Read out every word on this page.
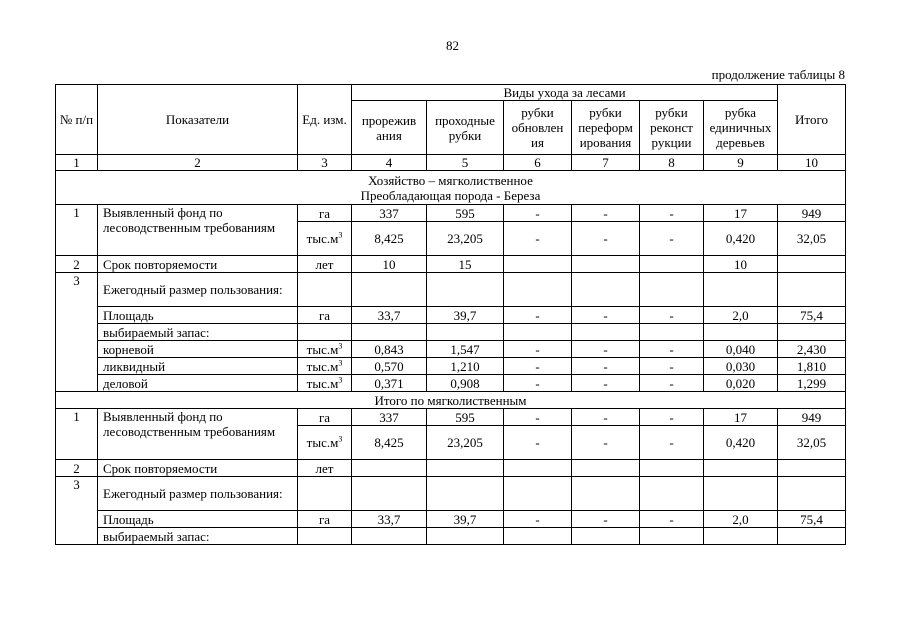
82
продолжение таблицы 8
№ п/п	Показатели	Ед. изм.	Виды ухода за лесами						Итого
			прорежив ания	проходные рубки	рубки обновлен ия	рубки переформ ирования	рубки реконст рукции	рубка единичных деревьев	
1	2	3	4	5	6	7	8	9	10

Хозяйство – мягколиственное
Преобладающая порода - Береза									

1	Выявленный фонд по лесоводственным требованиям	га	337	595	-	-	-	17	949
		$тыс.м^3$	8,425	23,205	-	-	-	0,420	32,05
2	Срок повторяемости	лет	10	15				10	
3	Ежегодный размер пользования:								
	Площадь	га	33,7	39,7	-	-	-	2,0	75,4
	выбираемый запас:								
	корневой	$тыс.м^3$	0,843	1,547	-	-	-	0,040	2,430
	ликвидный	$тыс.м^3$	0,570	1,210	-	-	-	0,030	1,810
	деловой	$тыс.м^3$	0,371	0,908	-	-	-	0,020	1,299
Итого по мягколиственным									
1	Выявленный фонд по лесоводственным требованиям	га	337	595	-	-	-	17	949
		$тыс.м^3$	8,425	23,205	-	-	-	0,420	32,05
2	Срок повторяемости	лет							
3	Ежегодный размер пользования:								
	Площадь	га	33,7	39,7	-	-	-	2,0	75,4
	выбираемый запас:								
